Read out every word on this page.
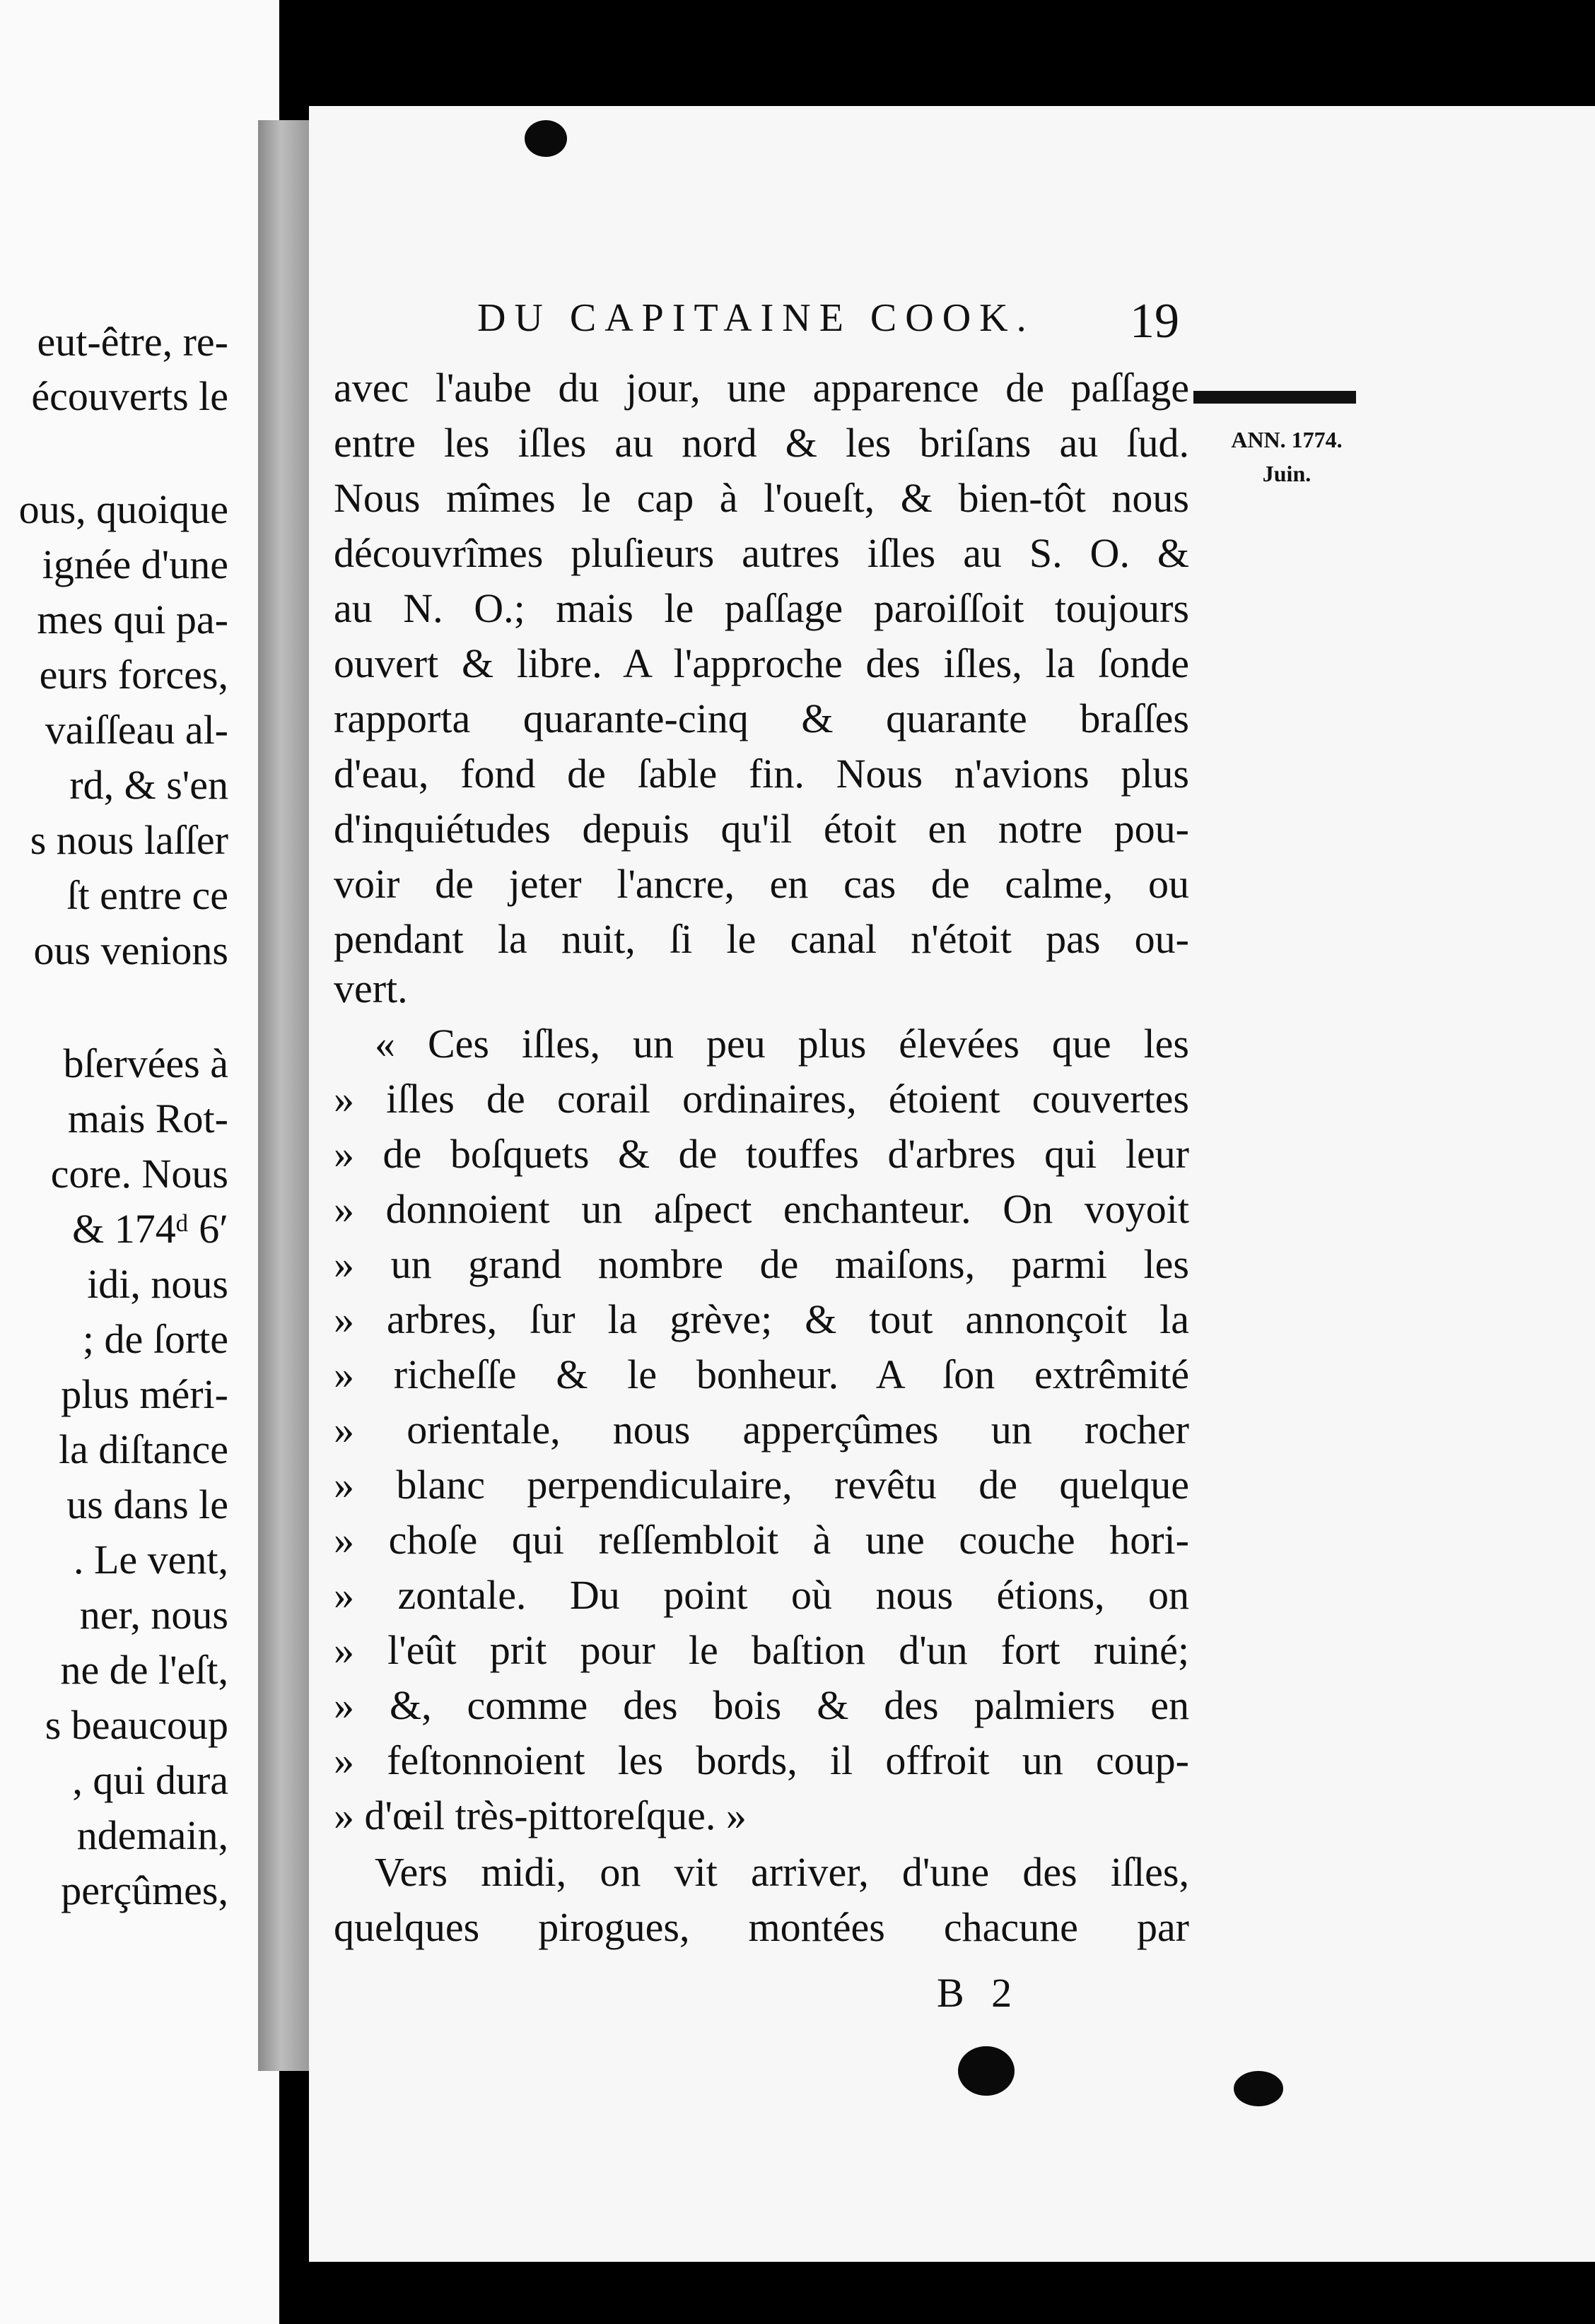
eut-être, re-
écouverts le
ous, quoique
ignée d'une
mes qui pa-
eurs forces,
vaiſſeau al-
rd, & s'en
s nous laſſer
ſt entre ce
ous venions
bſervées à
mais Rot-
core. Nous
& 174ᵈ 6′
idi, nous
; de ſorte
plus méri-
la diſtance
us dans le
. Le vent,
ner, nous
ne de l'eſt,
s beaucoup
, qui dura
ndemain,
perçûmes,
DU CAPITAINE COOK. 19
ANN. 1774.
Juin.
avec l'aube du jour, une apparence de paſſage
entre les iſles au nord & les briſans au ſud.
Nous mîmes le cap à l'oueſt, & bien-tôt nous
découvrîmes pluſieurs autres iſles au S. O. &
au N. O.; mais le paſſage paroiſſoit toujours
ouvert & libre. A l'approche des iſles, la ſonde
rapporta quarante-cinq & quarante braſſes
d'eau, fond de ſable fin. Nous n'avions plus
d'inquiétudes depuis qu'il étoit en notre pou-
voir de jeter l'ancre, en cas de calme, ou
pendant la nuit, ſi le canal n'étoit pas ou-
vert.
« Ces iſles, un peu plus élevées que les
» iſles de corail ordinaires, étoient couvertes
» de boſquets & de touffes d'arbres qui leur
» donnoient un aſpect enchanteur. On voyoit
» un grand nombre de maiſons, parmi les
» arbres, ſur la grève; & tout annonçoit la
» richeſſe & le bonheur. A ſon extrêmité
» orientale, nous apperçûmes un rocher
» blanc perpendiculaire, revêtu de quelque
» choſe qui reſſembloit à une couche hori-
» zontale. Du point où nous étions, on
» l'eût prit pour le baſtion d'un fort ruiné;
» &, comme des bois & des palmiers en
» feſtonnoient les bords, il offroit un coup-
» d'œil très-pittoreſque. »
Vers midi, on vit arriver, d'une des iſles,
quelques pirogues, montées chacune par
B 2
